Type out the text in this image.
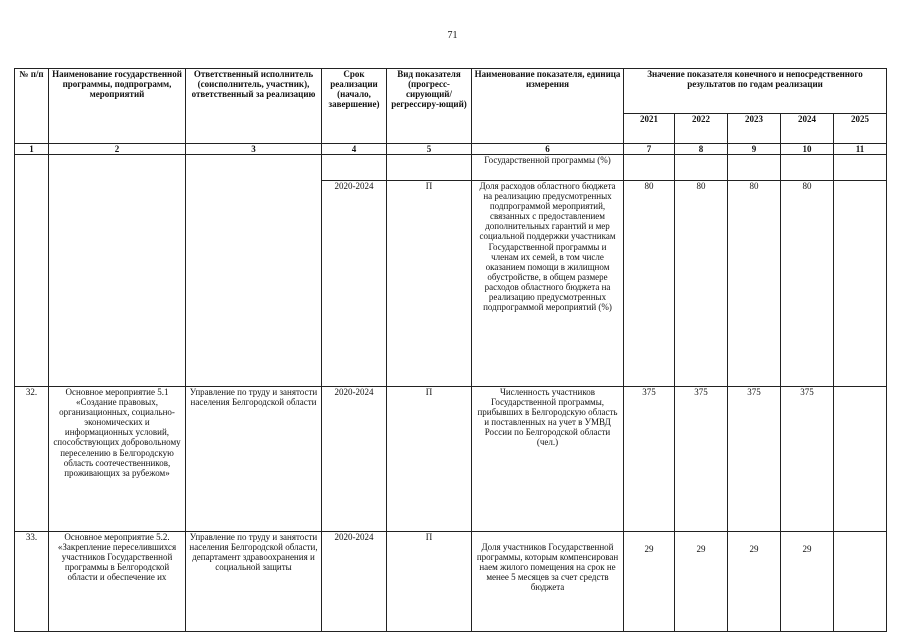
71
№ п/п	Наименование государственной программы, подпрограмм, мероприятий	Ответственный исполнитель (соисполнитель, участник), ответственный за реализацию	Срок реализации (начало, завершение)	Вид показателя (прогресс-сирующий/ регрессиру-ющий)	Наименование показателя, единица измерения	Значение показателя конечного и непосредственного результатов по годам реализации				
						2021	2022	2023	2024	2025
1	2	3	4	5	6	7	8	9	10	11
					Государственной программы (%)					
			2020-2024	П	Доля расходов областного бюджета на реализацию предусмотренных подпрограммой мероприятий, связанных с предоставлением дополнительных гарантий и мер социальной поддержки участникам Государственной программы и членам их семей, в том числе оказанием помощи в жилищном обустройстве, в общем размере расходов областного бюджета на реализацию предусмотренных подпрограммой мероприятий (%)	80	80	80	80	
32.	Основное мероприятие 5.1 «Создание правовых, организационных, социально-экономических и информационных условий, способствующих добровольному переселению в Белгородскую область соотечественников, проживающих за рубежом»	Управление по труду и занятости населения Белгородской области	2020-2024	П	Численность участников Государственной программы, прибывших в Белгородскую область и поставленных на учет в УМВД России по Белгородской области (чел.)	375	375	375	375	
33.	Основное мероприятие 5.2. «Закрепление переселившихся участников Государственной программы в Белгородской области и обеспечение их	Управление по труду и занятости населения Белгородской области, департамент здравоохранения и социальной защиты	2020-2024	П	Доля участников Государственной программы, которым компенсирован наем жилого помещения на срок не менее 5 месяцев за счет средств бюджета	29	29	29	29	
